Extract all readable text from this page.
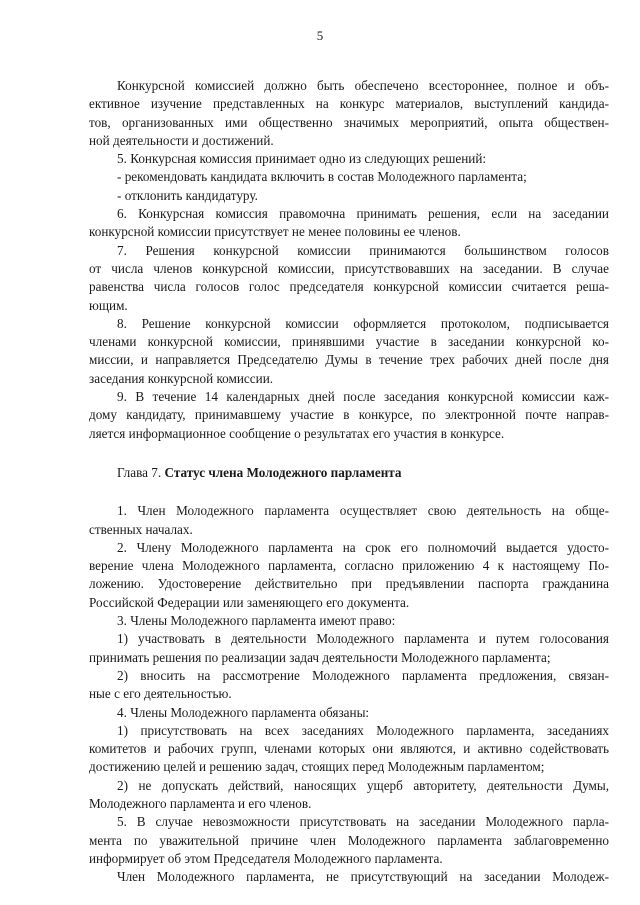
5
Конкурсной комиссией должно быть обеспечено всестороннее, полное и объ-
ективное изучение представленных на конкурс материалов, выступлений кандида-
тов, организованных ими общественно значимых мероприятий, опыта обществен-
ной деятельности и достижений.
5. Конкурсная комиссия принимает одно из следующих решений:
- рекомендовать кандидата включить в состав Молодежного парламента;
- отклонить кандидатуру.
6. Конкурсная комиссия правомочна принимать решения, если на заседании
конкурсной комиссии присутствует не менее половины ее членов.
7. Решения конкурсной комиссии принимаются большинством голосов
от числа членов конкурсной комиссии, присутствовавших на заседании. В случае
равенства числа голосов голос председателя конкурсной комиссии считается реша-
ющим.
8. Решение конкурсной комиссии оформляется протоколом, подписывается
членами конкурсной комиссии, принявшими участие в заседании конкурсной ко-
миссии, и направляется Председателю Думы в течение трех рабочих дней после дня
заседания конкурсной комиссии.
9. В течение 14 календарных дней после заседания конкурсной комиссии каж-
дому кандидату, принимавшему участие в конкурсе, по электронной почте направ-
ляется информационное сообщение о результатах его участия в конкурсе.
Глава 7. Статус члена Молодежного парламента
1. Член Молодежного парламента осуществляет свою деятельность на обще-
ственных началах.
2. Члену Молодежного парламента на срок его полномочий выдается удосто-
верение члена Молодежного парламента, согласно приложению 4 к настоящему По-
ложению. Удостоверение действительно при предъявлении паспорта гражданина
Российской Федерации или заменяющего его документа.
3. Члены Молодежного парламента имеют право:
1) участвовать в деятельности Молодежного парламента и путем голосования
принимать решения по реализации задач деятельности Молодежного парламента;
2) вносить на рассмотрение Молодежного парламента предложения, связан-
ные с его деятельностью.
4. Члены Молодежного парламента обязаны:
1) присутствовать на всех заседаниях Молодежного парламента, заседаниях
комитетов и рабочих групп, членами которых они являются, и активно содействовать
достижению целей и решению задач, стоящих перед Молодежным парламентом;
2) не допускать действий, наносящих ущерб авторитету, деятельности Думы,
Молодежного парламента и его членов.
5. В случае невозможности присутствовать на заседании Молодежного парла-
мента по уважительной причине член Молодежного парламента заблаговременно
информирует об этом Председателя Молодежного парламента.
Член Молодежного парламента, не присутствующий на заседании Молодеж-
